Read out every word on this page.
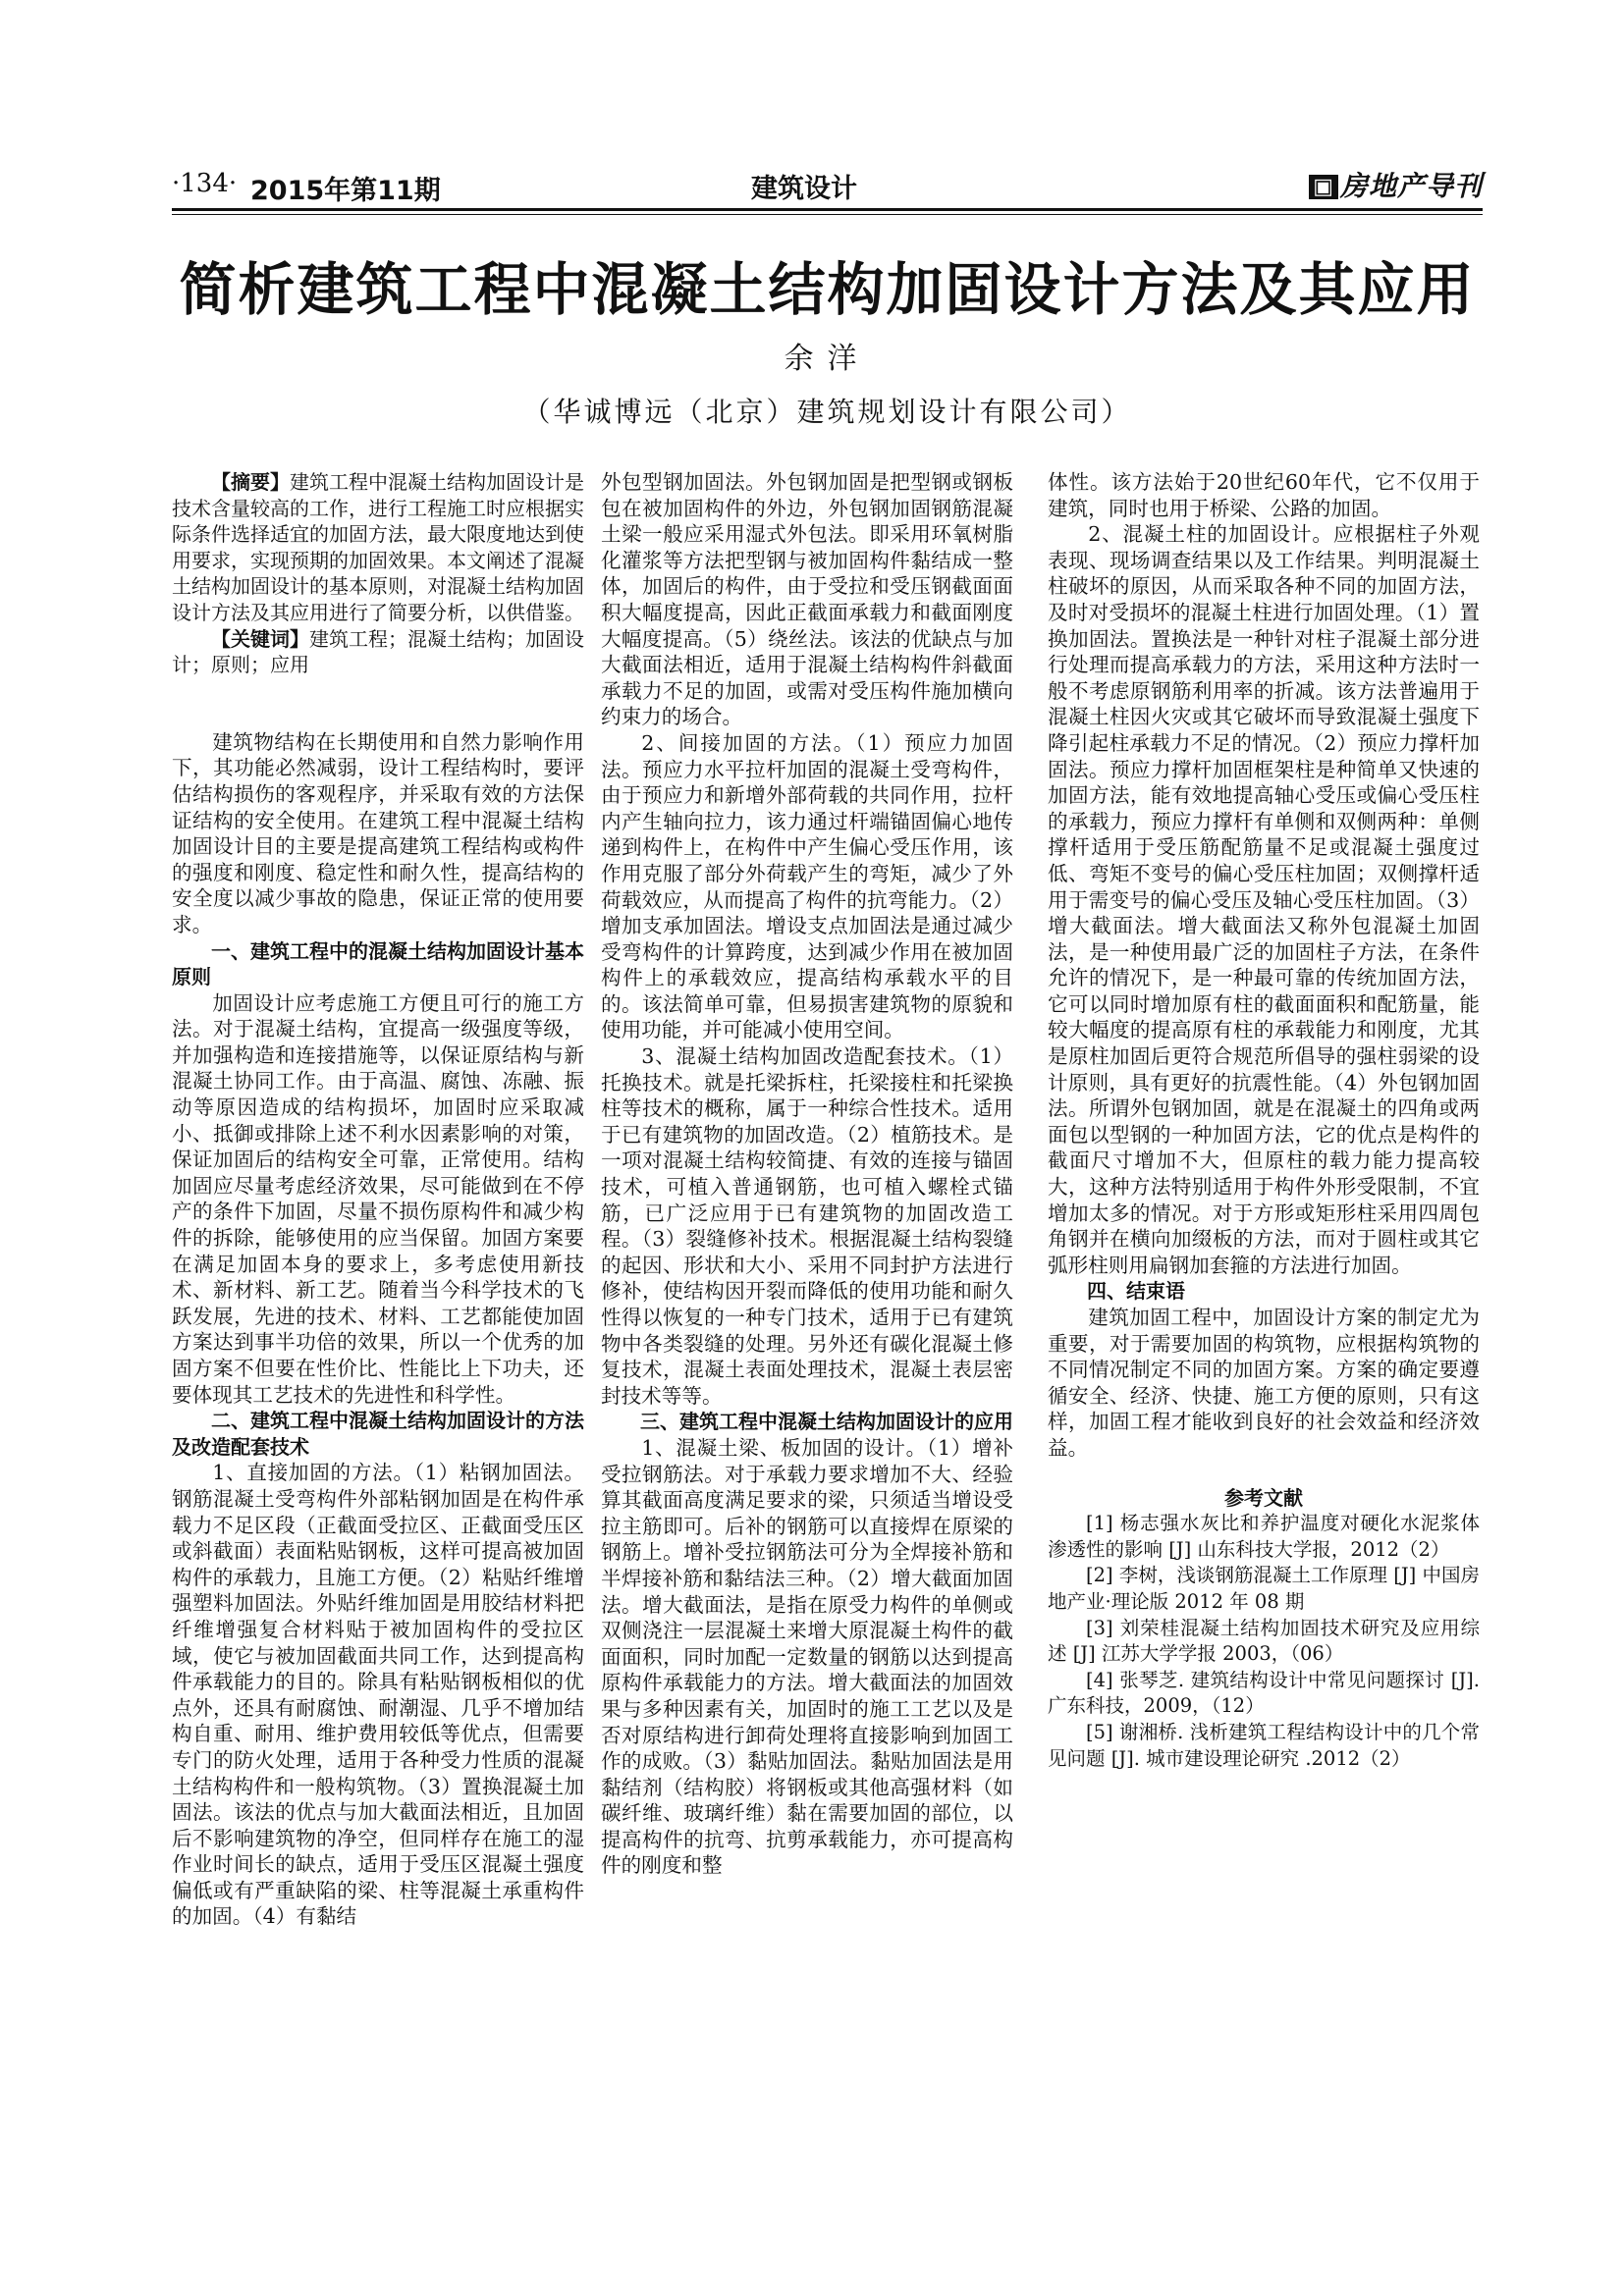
·134· 2015年第11期	建筑设计	▣ 房地产导刊
简析建筑工程中混凝土结构加固设计方法及其应用
余洋
（华诚博远（北京）建筑规划设计有限公司）

【摘要】建筑工程中混凝土结构加固设计是技术含量较高的工作，进行工程施工时应根据实际条件选择适宜的加固方法，最大限度地达到使用要求，实现预期的加固效果。本文阐述了混凝土结构加固设计的基本原则，对混凝土结构加固设计方法及其应用进行了简要分析，以供借鉴。

【关键词】建筑工程；混凝土结构；加固设计；原则；应用

建筑物结构在长期使用和自然力影响作用下，其功能必然减弱，设计工程结构时，要评估结构损伤的客观程序，并采取有效的方法保证结构的安全使用。在建筑工程中混凝土结构加固设计目的主要是提高建筑工程结构或构件的强度和刚度、稳定性和耐久性，提高结构的安全度以减少事故的隐患，保证正常的使用要求。

一、建筑工程中的混凝土结构加固设计基本原则

加固设计应考虑施工方便且可行的施工方法。对于混凝土结构，宜提高一级强度等级，并加强构造和连接措施等，以保证原结构与新混凝土协同工作。由于高温、腐蚀、冻融、振动等原因造成的结构损坏，加固时应采取减小、抵御或排除上述不利水因素影响的对策，保证加固后的结构安全可靠，正常使用。结构加固应尽量考虑经济效果，尽可能做到在不停产的条件下加固，尽量不损伤原构件和减少构件的拆除，能够使用的应当保留。加固方案要在满足加固本身的要求上，多考虑使用新技术、新材料、新工艺。随着当今科学技术的飞跃发展，先进的技术、材料、工艺都能使加固方案达到事半功倍的效果，所以一个优秀的加固方案不但要在性价比、性能比上下功夫，还要体现其工艺技术的先进性和科学性。

二、建筑工程中混凝土结构加固设计的方法及改造配套技术

1、直接加固的方法。（1）粘钢加固法。钢筋混凝土受弯构件外部粘钢加固是在构件承载力不足区段（正截面受拉区、正截面受压区或斜截面）表面粘贴钢板，这样可提高被加固构件的承载力，且施工方便。（2）粘贴纤维增强塑料加固法。外贴纤维加固是用胶结材料把纤维增强复合材料贴于被加固构件的受拉区域，使它与被加固截面共同工作，达到提高构件承载能力的目的。除具有粘贴钢板相似的优点外，还具有耐腐蚀、耐潮湿、几乎不增加结构自重、耐用、维护费用较低等优点，但需要专门的防火处理，适用于各种受力性质的混凝土结构构件和一般构筑物。（3）置换混凝土加固法。该法的优点与加大截面法相近，且加固后不影响建筑物的净空，但同样存在施工的湿作业时间长的缺点，适用于受压区混凝土强度偏低或有严重缺陷的梁、柱等混凝土承重构件的加固。（4）有黏结

外包型钢加固法。外包钢加固是把型钢或钢板包在被加固构件的外边，外包钢加固钢筋混凝土梁一般应采用湿式外包法。即采用环氧树脂化灌浆等方法把型钢与被加固构件黏结成一整体，加固后的构件，由于受拉和受压钢截面面积大幅度提高，因此正截面承载力和截面刚度大幅度提高。（5）绕丝法。该法的优缺点与加大截面法相近，适用于混凝土结构构件斜截面承载力不足的加固，或需对受压构件施加横向约束力的场合。

2、间接加固的方法。（1）预应力加固法。预应力水平拉杆加固的混凝土受弯构件，由于预应力和新增外部荷载的共同作用，拉杆内产生轴向拉力，该力通过杆端锚固偏心地传递到构件上，在构件中产生偏心受压作用，该作用克服了部分外荷载产生的弯矩，减少了外荷载效应，从而提高了构件的抗弯能力。（2）增加支承加固法。增设支点加固法是通过减少受弯构件的计算跨度，达到减少作用在被加固构件上的承载效应，提高结构承载水平的目的。该法简单可靠，但易损害建筑物的原貌和使用功能，并可能减小使用空间。

3、混凝土结构加固改造配套技术。（1）托换技术。就是托梁拆柱，托梁接柱和托梁换柱等技术的概称，属于一种综合性技术。适用于已有建筑物的加固改造。（2）植筋技术。是一项对混凝土结构较简捷、有效的连接与锚固技术，可植入普通钢筋，也可植入螺栓式锚筋，已广泛应用于已有建筑物的加固改造工程。（3）裂缝修补技术。根据混凝土结构裂缝的起因、形状和大小、采用不同封护方法进行修补，使结构因开裂而降低的使用功能和耐久性得以恢复的一种专门技术，适用于已有建筑物中各类裂缝的处理。另外还有碳化混凝土修复技术，混凝土表面处理技术，混凝土表层密封技术等等。

三、建筑工程中混凝土结构加固设计的应用

1、混凝土梁、板加固的设计。（1）增补受拉钢筋法。对于承载力要求增加不大、经验算其截面高度满足要求的梁，只须适当增设受拉主筋即可。后补的钢筋可以直接焊在原梁的钢筋上。增补受拉钢筋法可分为全焊接补筋和半焊接补筋和黏结法三种。（2）增大截面加固法。增大截面法，是指在原受力构件的单侧或双侧浇注一层混凝土来增大原混凝土构件的截面面积，同时加配一定数量的钢筋以达到提高原构件承载能力的方法。增大截面法的加固效果与多种因素有关，加固时的施工工艺以及是否对原结构进行卸荷处理将直接影响到加固工作的成败。（3）黏贴加固法。黏贴加固法是用黏结剂（结构胶）将钢板或其他高强材料（如碳纤维、玻璃纤维）黏在需要加固的部位，以提高构件的抗弯、抗剪承载能力，亦可提高构件的刚度和整

体性。该方法始于20世纪60年代，它不仅用于建筑，同时也用于桥梁、公路的加固。

2、混凝土柱的加固设计。应根据柱子外观表现、现场调查结果以及工作结果。判明混凝土柱破坏的原因，从而采取各种不同的加固方法，及时对受损坏的混凝土柱进行加固处理。（1）置换加固法。置换法是一种针对柱子混凝土部分进行处理而提高承载力的方法，采用这种方法时一般不考虑原钢筋利用率的折减。该方法普遍用于混凝土柱因火灾或其它破坏而导致混凝土强度下降引起柱承载力不足的情况。（2）预应力撑杆加固法。预应力撑杆加固框架柱是种简单又快速的加固方法，能有效地提高轴心受压或偏心受压柱的承载力，预应力撑杆有单侧和双侧两种：单侧撑杆适用于受压筋配筋量不足或混凝土强度过低、弯矩不变号的偏心受压柱加固；双侧撑杆适用于需变号的偏心受压及轴心受压柱加固。（3）增大截面法。增大截面法又称外包混凝土加固法，是一种使用最广泛的加固柱子方法，在条件允许的情况下，是一种最可靠的传统加固方法，它可以同时增加原有柱的截面面积和配筋量，能较大幅度的提高原有柱的承载能力和刚度，尤其是原柱加固后更符合规范所倡导的强柱弱梁的设计原则，具有更好的抗震性能。（4）外包钢加固法。所谓外包钢加固，就是在混凝土的四角或两面包以型钢的一种加固方法，它的优点是构件的截面尺寸增加不大，但原柱的载力能力提高较大，这种方法特别适用于构件外形受限制，不宜增加太多的情况。对于方形或矩形柱采用四周包角钢并在横向加缀板的方法，而对于圆柱或其它弧形柱则用扁钢加套箍的方法进行加固。

四、结束语

建筑加固工程中，加固设计方案的制定尤为重要，对于需要加固的构筑物，应根据构筑物的不同情况制定不同的加固方案。方案的确定要遵循安全、经济、快捷、施工方便的原则，只有这样，加固工程才能收到良好的社会效益和经济效益。

参考文献

[1] 杨志强水灰比和养护温度对硬化水泥浆体渗透性的影响 [J] 山东科技大学报，2012（2）

[2] 李树，浅谈钢筋混凝土工作原理 [J] 中国房地产业·理论版 2012 年 08 期

[3] 刘荣桂混凝土结构加固技术研究及应用综述 [J] 江苏大学学报 2003，（06）

[4] 张琴芝. 建筑结构设计中常见问题探讨 [J]. 广东科技，2009，（12）

[5] 谢湘桥. 浅析建筑工程结构设计中的几个常见问题 [J]. 城市建设理论研究 .2012（2）
